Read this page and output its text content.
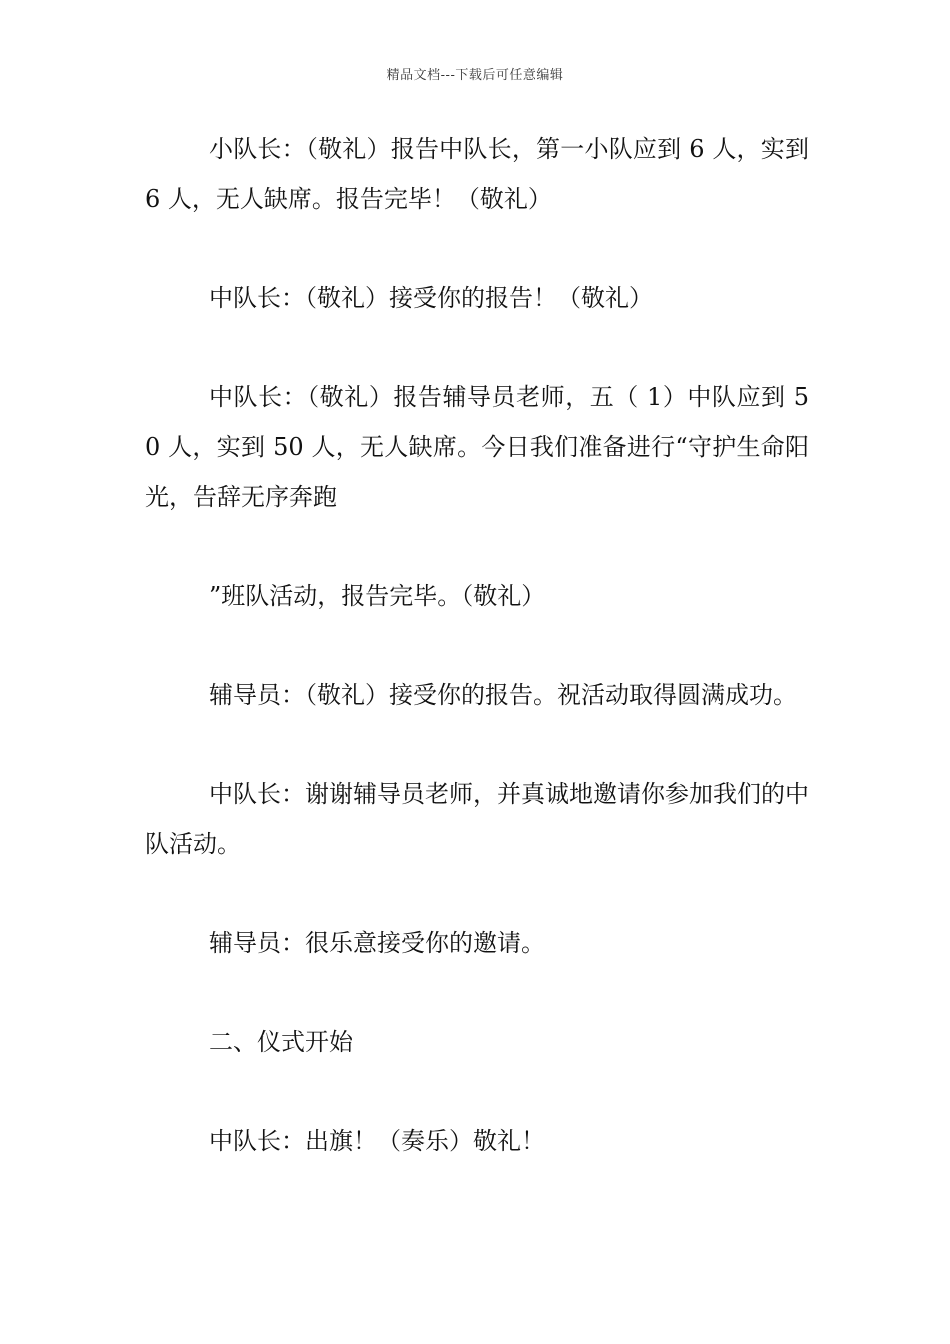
精品文档---下载后可任意编辑

小队长：（敬礼）报告中队长，第一小队应到 6 人，实到 6 人，无人缺席。报告完毕！（敬礼）

中队长：（敬礼）接受你的报告！（敬礼）

中队长：（敬礼）报告辅导员老师，五（ 1）中队应到 50 人，实到 50 人，无人缺席。今日我们准备进行“守护生命阳光，告辞无序奔跑

”班队活动，报告完毕。（敬礼）

辅导员：（敬礼）接受你的报告。祝活动取得圆满成功。

中队长：谢谢辅导员老师，并真诚地邀请你参加我们的中队活动。

辅导员：很乐意接受你的邀请。

二、仪式开始

中队长：出旗！（奏乐）敬礼！
